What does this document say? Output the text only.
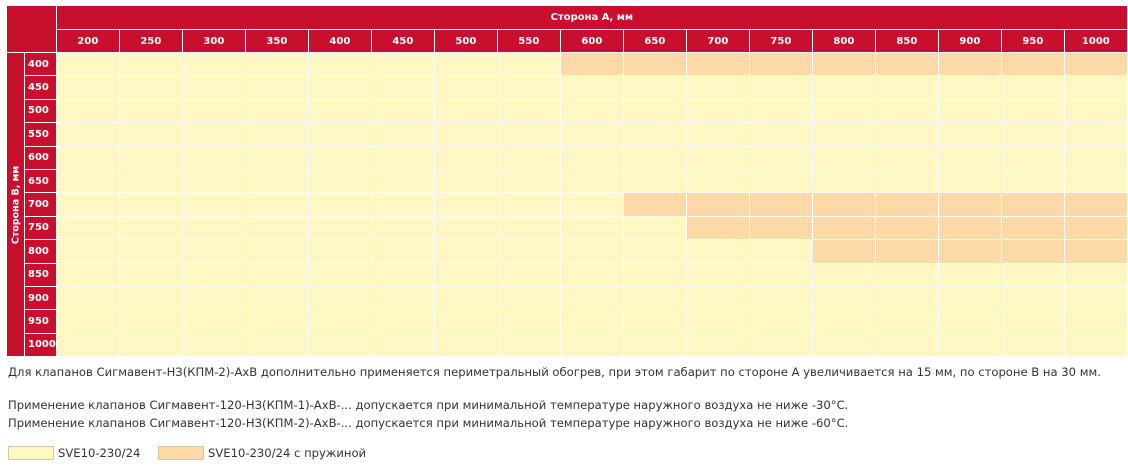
		Сторона А, мм																
		200	250	300	350	400	450	500	550	600	650	700	750	800	850	900	950	1000

Сторона В, мм	400																	
	450																	
	500																	
	550																	
	600																	
	650																	
	700																	
	750																	
	800																	
	850																	
	900																	
	950																	
	1000																	
Для клапанов Сигмавент-НЗ(КПМ-2)-АхВ дополнительно применяется периметральный обогрев, при этом габарит по стороне А увеличивается на 15 мм, по стороне В на 30 мм.
Применение клапанов Сигмавент-120-НЗ(КПМ-1)-АхВ-... допускается при минимальной температуре наружного воздуха не ниже -30°С.
Применение клапанов Сигмавент-120-НЗ(КПМ-2)-АхВ-... допускается при минимальной температуре наружного воздуха не ниже -60°С.
SVE10-230/24	SVE10-230/24 с пружиной
